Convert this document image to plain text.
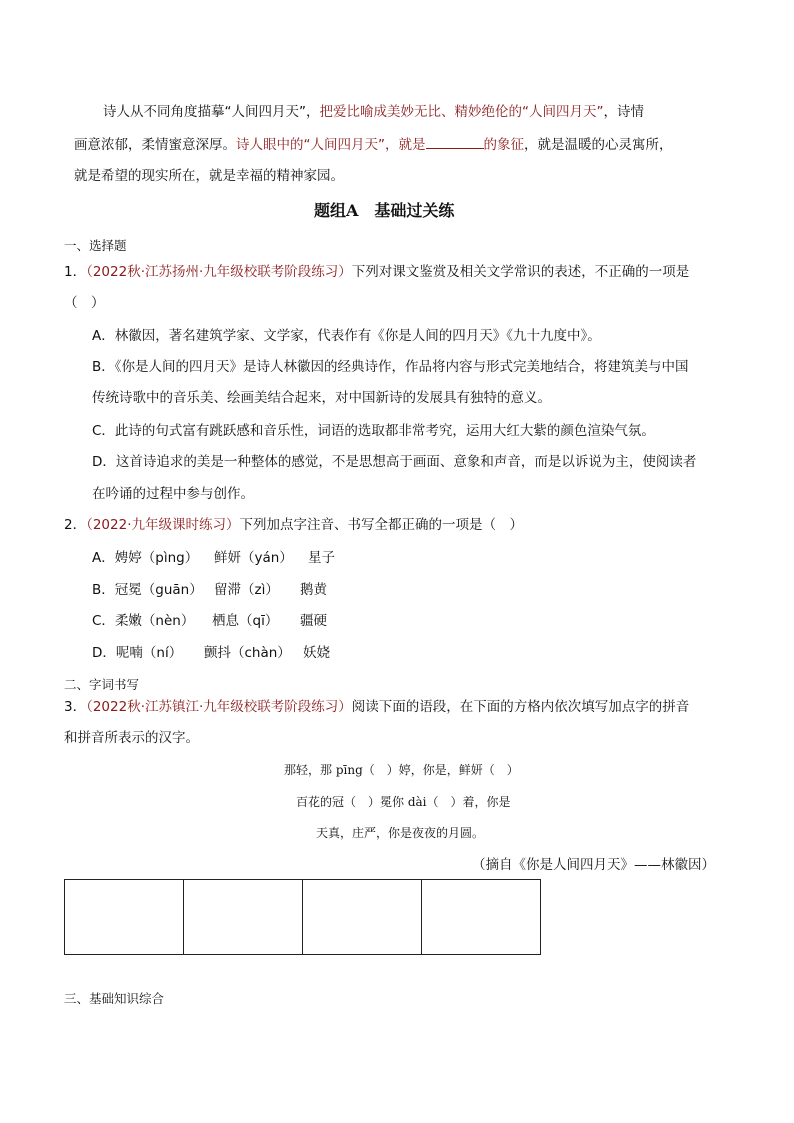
诗人从不同角度描摹“人间四月天”，把爱比喻成美妙无比、精妙绝伦的“人间四月天”，诗情
画意浓郁，柔情蜜意深厚。诗人眼中的“人间四月天”，就是	的象征，就是温暖的心灵寓所，
就是希望的现实所在，就是幸福的精神家园。
题组A　基础过关练
一、选择题
1．（2022秋·江苏扬州·九年级校联考阶段练习）下列对课文鉴赏及相关文学常识的表述，不正确的一项是
（　）
A．林徽因，著名建筑学家、文学家，代表作有《你是人间的四月天》《九十九度中》。
B．《你是人间的四月天》是诗人林徽因的经典诗作，作品将内容与形式完美地结合，将建筑美与中国
传统诗歌中的音乐美、绘画美结合起来，对中国新诗的发展具有独特的意义。
C．此诗的句式富有跳跃感和音乐性，词语的选取都非常考究，运用大红大紫的颜色渲染气氛。
D．这首诗追求的美是一种整体的感觉，不是思想高于画面、意象和声音，而是以诉说为主，使阅读者
在吟诵的过程中参与创作。
2．（2022·九年级课时练习）下列加点字注音、书写全都正确的一项是（　）
A．娉婷（pìng） 鲜妍（yán） 星子
B．冠冕（guān） 留滞（zì） 鹅黄
C．柔嫩（nèn） 栖息（qī） 疆硬
D．呢喃（ní） 颤抖（chàn） 妖娆
二、字词书写
3．（2022秋·江苏镇江·九年级校联考阶段练习）阅读下面的语段，在下面的方格内依次填写加点字的拼音
和拼音所表示的汉字。
那轻，那 pīng（　）婷，你是，鲜妍（　）
百花的冠（　）冕你 dài（　）着，你是
天真，庄严，你是夜夜的月圆。
（摘自《你是人间四月天》——林徽因）

三、基础知识综合
